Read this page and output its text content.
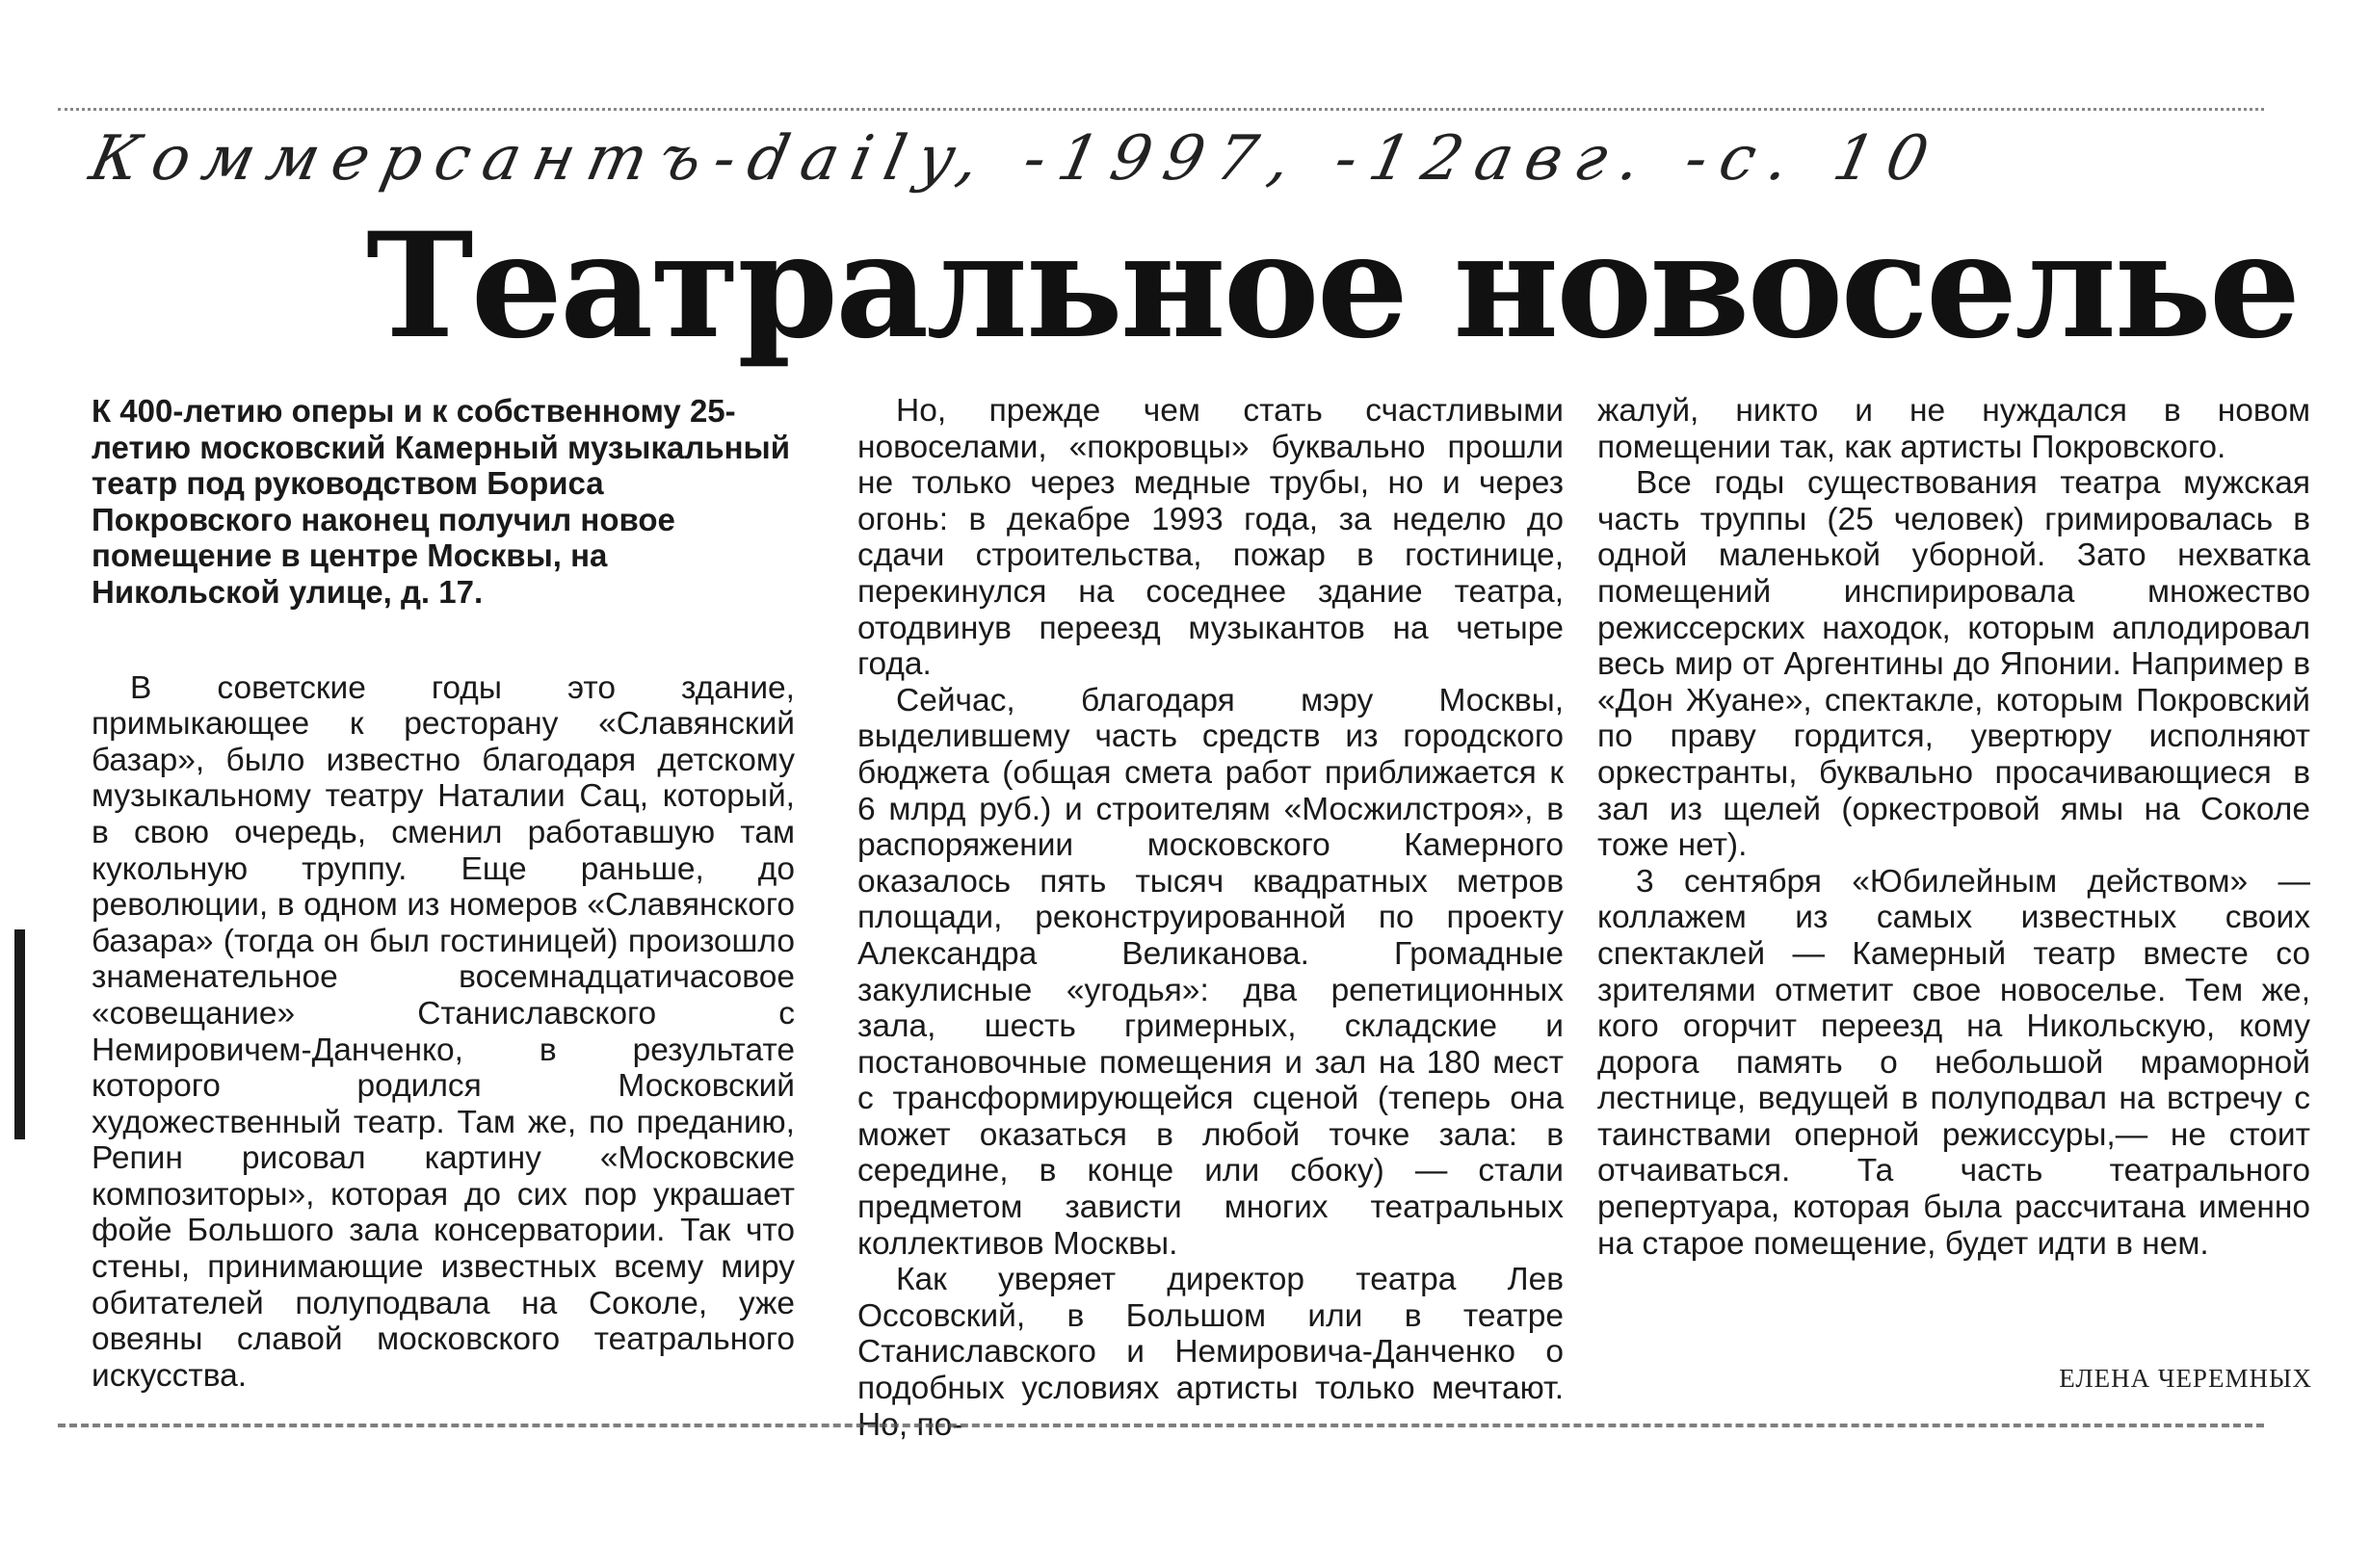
Коммерсантъ-daily, -1997, -12авг. -с. 10
Театральное новоселье

К 400-летию оперы и к собственному 25-летию московский Камерный музыкальный театр под руководством Бориса Покровского наконец получил новое помещение в центре Москвы, на Никольской улице, д. 17.

В советские годы это здание, примыкающее к ресторану «Славянский базар», было известно благодаря детскому музыкальному театру Наталии Сац, который, в свою очередь, сменил работавшую там кукольную труппу. Еще раньше, до революции, в одном из номеров «Славянского базара» (тогда он был гостиницей) произошло знаменательное восемнадцатичасовое «совещание» Станиславского с Немировичем-Данченко, в результате которого родился Московский художественный театр. Там же, по преданию, Репин рисовал картину «Московские композиторы», которая до сих пор украшает фойе Большого зала консерватории. Так что стены, принимающие известных всему миру обитателей полуподвала на Соколе, уже овеяны славой московского театрального искусства.

Но, прежде чем стать счастливыми новоселами, «покровцы» буквально прошли не только через медные трубы, но и через огонь: в декабре 1993 года, за неделю до сдачи строительства, пожар в гостинице, перекинулся на соседнее здание театра, отодвинув переезд музыкантов на четыре года.

Сейчас, благодаря мэру Москвы, выделившему часть средств из городского бюджета (общая смета работ приближается к 6 млрд руб.) и строителям «Мосжилстроя», в распоряжении московского Камерного оказалось пять тысяч квадратных метров площади, реконструированной по проекту Александра Великанова. Громадные закулисные «угодья»: два репетиционных зала, шесть гримерных, складские и постановочные помещения и зал на 180 мест с трансформирующейся сценой (теперь она может оказаться в любой точке зала: в середине, в конце или сбоку) — стали предметом зависти многих театральных коллективов Москвы.

Как уверяет директор театра Лев Оссовский, в Большом или в театре Станиславского и Немировича-Данченко о подобных условиях артисты только мечтают. Но, по-

жалуй, никто и не нуждался в новом помещении так, как артисты Покровского.

Все годы существования театра мужская часть труппы (25 человек) гримировалась в одной маленькой уборной. Зато нехватка помещений инспирировала множество режиссерских находок, которым аплодировал весь мир от Аргентины до Японии. Например в «Дон Жуане», спектакле, которым Покровский по праву гордится, увертюру исполняют оркестранты, буквально просачивающиеся в зал из щелей (оркестровой ямы на Соколе тоже нет).

3 сентября «Юбилейным действом» — коллажем из самых известных своих спектаклей — Камерный театр вместе со зрителями отметит свое новоселье. Тем же, кого огорчит переезд на Никольскую, кому дорога память о небольшой мраморной лестнице, ведущей в полуподвал на встречу с таинствами оперной режиссуры,— не стоит отчаиваться. Та часть театрального репертуара, которая была рассчитана именно на старое помещение, будет идти в нем.

ЕЛЕНА ЧЕРЕМНЫХ
